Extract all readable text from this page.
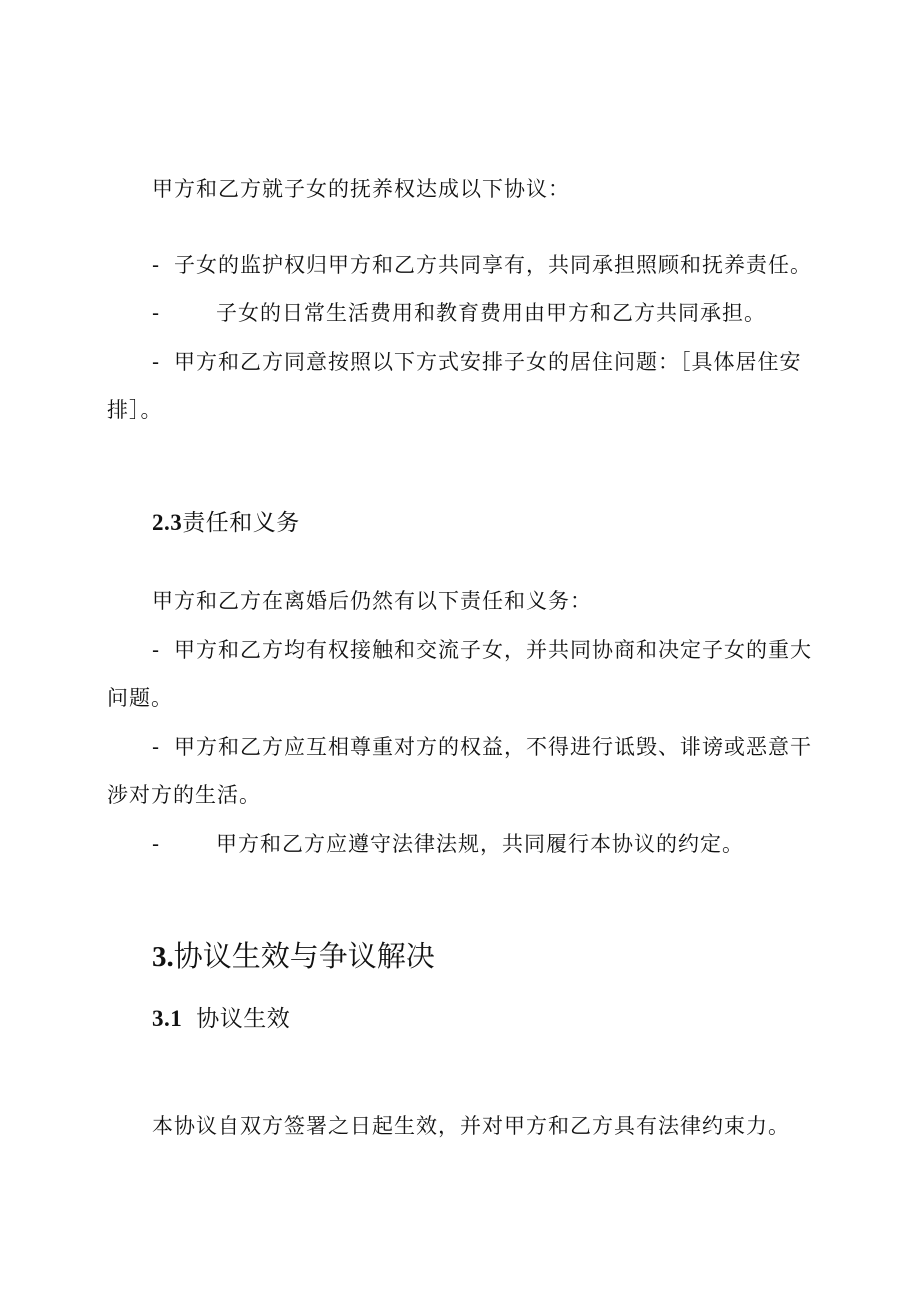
甲方和乙方就子女的抚养权达成以下协议：

- 子女的监护权归甲方和乙方共同享有，共同承担照顾和抚养责任。

-	子女的日常生活费用和教育费用由甲方和乙方共同承担。

- 甲方和乙方同意按照以下方式安排子女的居住问题：［具体居住安

排］。

2.3责任和义务

甲方和乙方在离婚后仍然有以下责任和义务：

- 甲方和乙方均有权接触和交流子女，并共同协商和决定子女的重大

问题。

- 甲方和乙方应互相尊重对方的权益，不得进行诋毁、诽谤或恶意干

涉对方的生活。

-	甲方和乙方应遵守法律法规，共同履行本协议的约定。

3.协议生效与争议解决
3.1 协议生效

本协议自双方签署之日起生效，并对甲方和乙方具有法律约束力。
